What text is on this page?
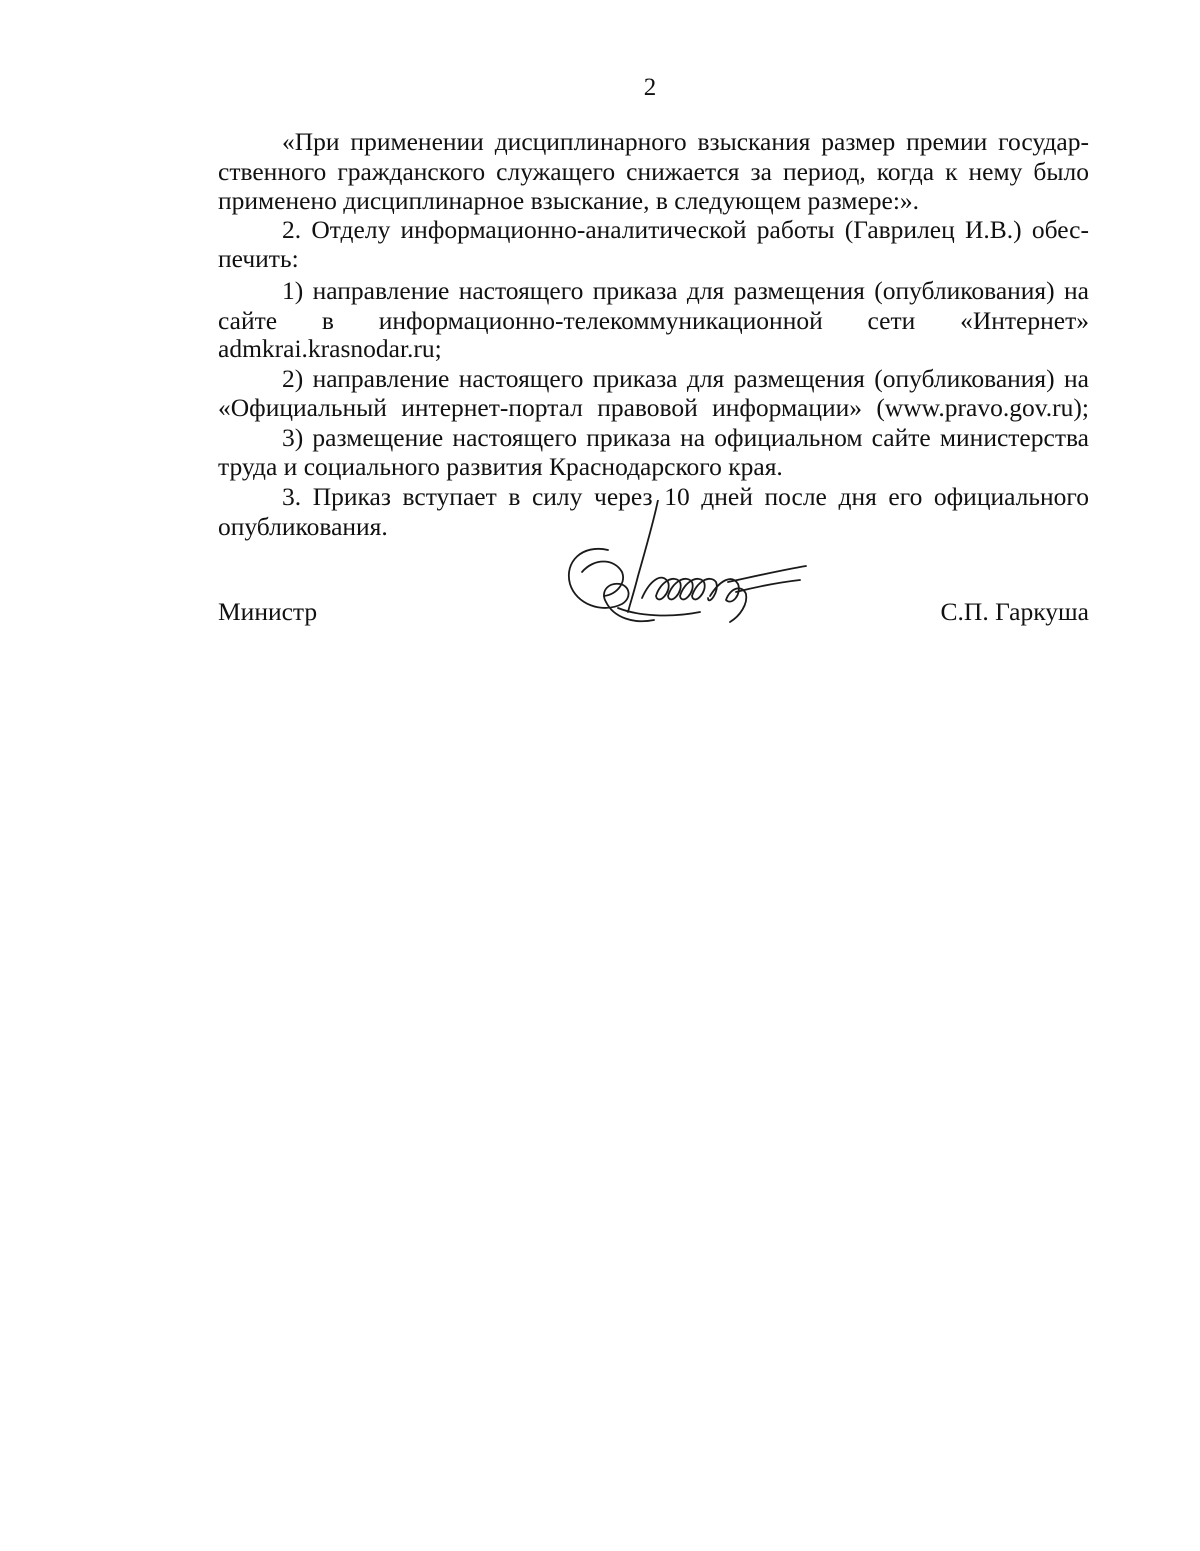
2
«При применении дисциплинарного взыскания размер премии государ-
ственного гражданского служащего снижается за период, когда к нему было
применено дисциплинарное взыскание, в следующем размере:».
2. Отделу информационно-аналитической работы (Гаврилец И.В.) обес-
печить:
1) направление настоящего приказа для размещения (опубликования) на
сайте в информационно-телекоммуникационной сети «Интернет»
admkrai.krasnodar.ru;
2) направление настоящего приказа для размещения (опубликования) на
«Официальный интернет-портал правовой информации» (www.pravo.gov.ru);
3) размещение настоящего приказа на официальном сайте министерства
труда и социального развития Краснодарского края.
3. Приказ вступает в силу через 10 дней после дня его официального
опубликования.
Министр	С.П. Гаркуша
